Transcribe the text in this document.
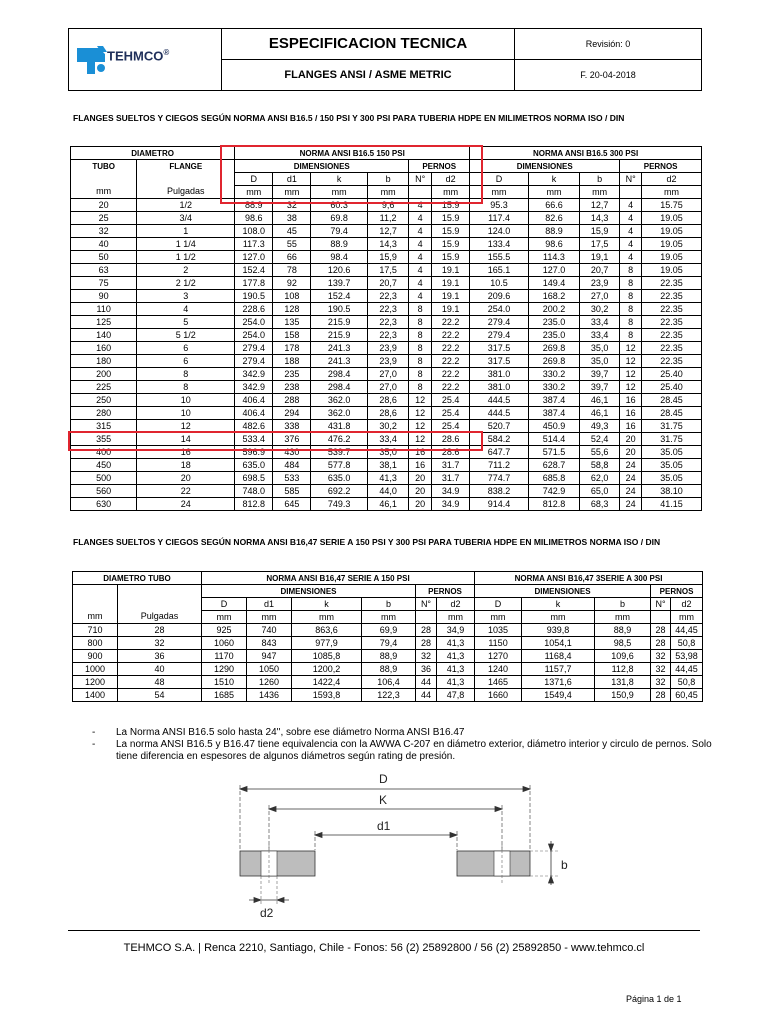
TEHMCO®
ESPECIFICACION TECNICA
FLANGES ANSI / ASME METRIC
Revisión: 0
F. 20-04-2018
FLANGES SUELTOS Y CIEGOS SEGÚN NORMA ANSI B16.5 / 150 PSI Y 300 PSI PARA TUBERIA HDPE EN MILIMETROS NORMA ISO / DIN
DIAMETRO		NORMA ANSI B16.5 150 PSI						NORMA ANSI B16.5 300 PSI				
TUBO	FLANGE	DIMENSIONES				PERNOS		DIMENSIONES			PERNOS	
		D	d1	k	b	N°	d2	D	k	b	N°	d2
mm	Pulgadas	mm	mm	mm	mm		mm	mm	mm	mm		mm
20	1/2	88.9	32	60.3	9,6	4	15.9	95.3	66.6	12,7	4	15.75
25	3/4	98.6	38	69.8	11,2	4	15.9	117.4	82.6	14,3	4	19.05
32	1	108.0	45	79.4	12,7	4	15.9	124.0	88.9	15,9	4	19.05
40	1 1/4	117.3	55	88.9	14,3	4	15.9	133.4	98.6	17,5	4	19.05
50	1 1/2	127.0	66	98.4	15,9	4	15.9	155.5	114.3	19,1	4	19.05
63	2	152.4	78	120.6	17,5	4	19.1	165.1	127.0	20,7	8	19.05
75	2 1/2	177.8	92	139.7	20,7	4	19.1	10.5	149.4	23,9	8	22.35
90	3	190.5	108	152.4	22,3	4	19.1	209.6	168.2	27,0	8	22.35
110	4	228.6	128	190.5	22,3	8	19.1	254.0	200.2	30,2	8	22.35
125	5	254.0	135	215.9	22,3	8	22.2	279.4	235.0	33,4	8	22.35
140	5 1/2	254.0	158	215.9	22,3	8	22.2	279.4	235.0	33,4	8	22.35
160	6	279.4	178	241.3	23,9	8	22.2	317.5	269.8	35,0	12	22.35
180	6	279.4	188	241.3	23,9	8	22.2	317.5	269.8	35,0	12	22.35
200	8	342.9	235	298.4	27,0	8	22.2	381.0	330.2	39,7	12	25.40
225	8	342.9	238	298.4	27,0	8	22.2	381.0	330.2	39,7	12	25.40
250	10	406.4	288	362.0	28,6	12	25.4	444.5	387.4	46,1	16	28.45
280	10	406.4	294	362.0	28,6	12	25.4	444.5	387.4	46,1	16	28.45
315	12	482.6	338	431.8	30,2	12	25.4	520.7	450.9	49,3	16	31.75
355	14	533.4	376	476.2	33,4	12	28.6	584.2	514.4	52,4	20	31.75
400	16	596.9	430	539.7	35,0	16	28.6	647.7	571.5	55,6	20	35.05
450	18	635.0	484	577.8	38,1	16	31.7	711.2	628.7	58,8	24	35.05
500	20	698.5	533	635.0	41,3	20	31.7	774.7	685.8	62,0	24	35.05
560	22	748.0	585	692.2	44,0	20	34.9	838.2	742.9	65,0	24	38.10
630	24	812.8	645	749.3	46,1	20	34.9	914.4	812.8	68,3	24	41.15
FLANGES SUELTOS Y CIEGOS SEGÚN NORMA ANSI B16,47 SERIE A 150 PSI Y 300 PSI PARA TUBERIA HDPE EN MILIMETROS NORMA ISO / DIN
DIAMETRO TUBO		NORMA ANSI B16,47 SERIE A 150 PSI						NORMA ANSI B16,47 3SERIE A 300 PSI				
		DIMENSIONES				PERNOS		DIMENSIONES			PERNOS	
		D	d1	k	b	N°	d2	D	k	b	N°	d2
mm	Pulgadas	mm	mm	mm	mm		mm	mm	mm	mm		mm
710	28	925	740	863,6	69,9	28	34,9	1035	939,8	88,9	28	44,45
800	32	1060	843	977,9	79,4	28	41,3	1150	1054,1	98,5	28	50,8
900	36	1170	947	1085,8	88,9	32	41,3	1270	1168,4	109,6	32	53,98
1000	40	1290	1050	1200,2	88,9	36	41,3	1240	1157,7	112,8	32	44,45
1200	48	1510	1260	1422,4	106,4	44	41,3	1465	1371,6	131,8	32	50,8
1400	54	1685	1436	1593,8	122,3	44	47,8	1660	1549,4	150,9	28	60,45
- La Norma ANSI B16.5 solo hasta 24'', sobre ese diámetro Norma ANSI B16.47
- La norma ANSI B16.5 y B16.47 tiene equivalencia con la AWWA C-207 en diámetro exterior, diámetro interior y circulo de pernos. Solo tiene diferencia en espesores de algunos diámetros según rating de presión.
D
K
d1
b
d2
TEHMCO S.A. | Renca 2210, Santiago, Chile - Fonos: 56 (2) 25892800 / 56 (2) 25892850 - www.tehmco.cl
Página 1 de 1
